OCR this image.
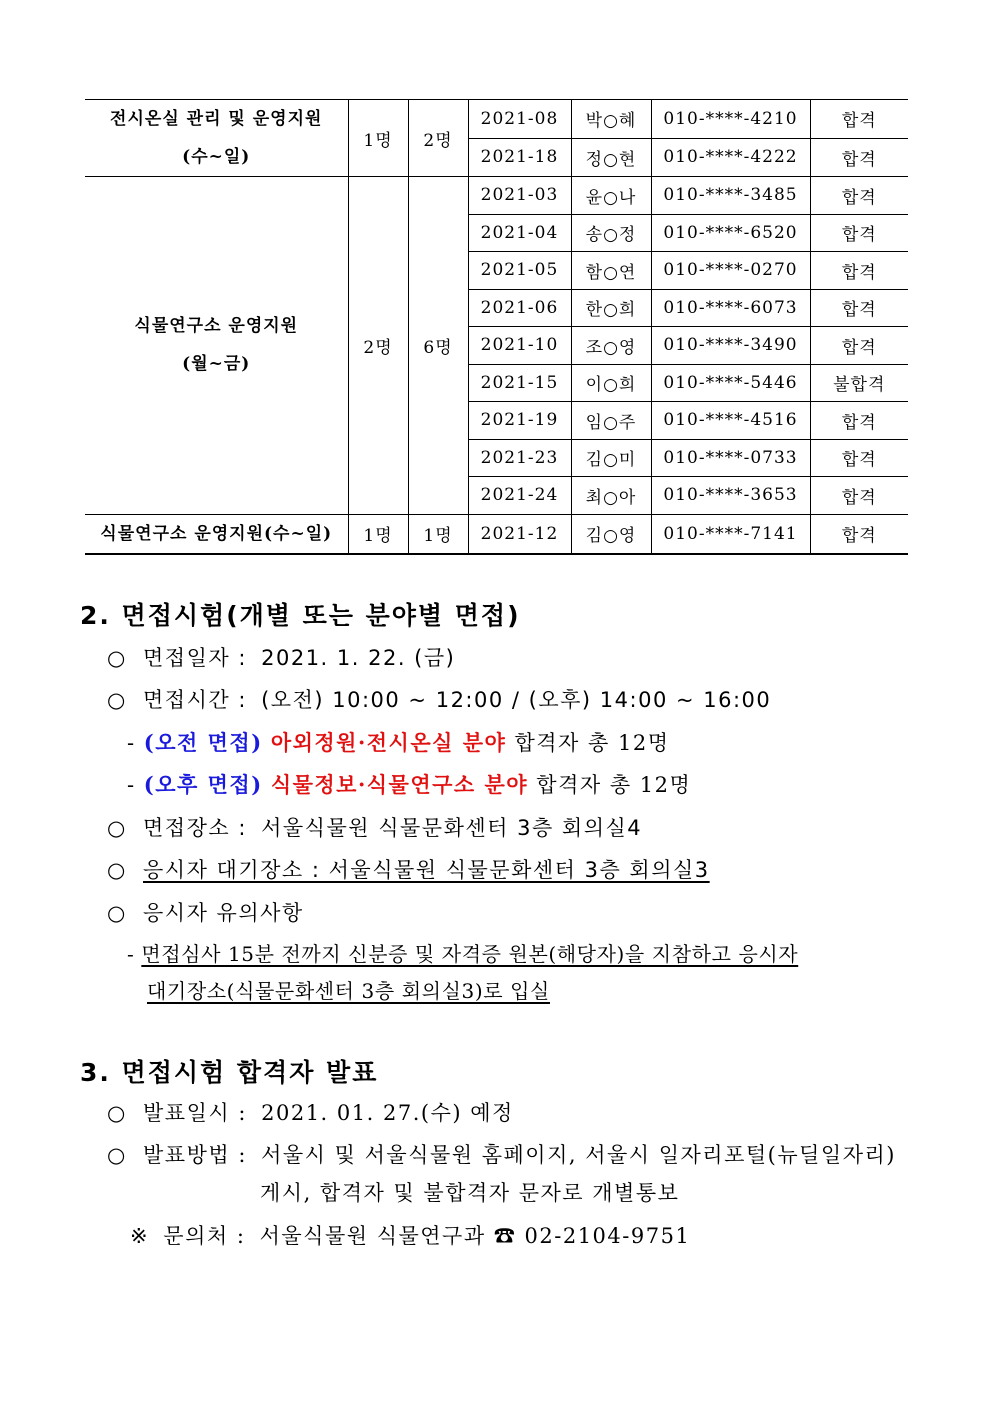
전시온실 관리 및 운영지원
(수~일)	1명	2명	2021-08	박○혜	010-****-4210	합격
			2021-18	정○현	010-****-4222	합격

식물연구소 운영지원
(월~금)	2명	6명	2021-03	윤○나	010-****-3485	합격
			2021-04	송○정	010-****-6520	합격
			2021-05	함○연	010-****-0270	합격
			2021-06	한○희	010-****-6073	합격
			2021-10	조○영	010-****-3490	합격
			2021-15	이○희	010-****-5446	불합격
			2021-19	임○주	010-****-4516	합격
			2021-23	김○미	010-****-0733	합격
			2021-24	최○아	010-****-3653	합격
식물연구소 운영지원(수~일)	1명	1명	2021-12	김○영	010-****-7141	합격
2. 면접시험(개별 또는 분야별 면접)
○ 면접일자 : 2021. 1. 22. (금)
○ 면접시간 : (오전) 10:00 ~ 12:00 / (오후) 14:00 ~ 16:00
- (오전 면접) 아외정원·전시온실 분야 합격자 총 12명
- (오후 면접) 식물정보·식물연구소 분야 합격자 총 12명
○ 면접장소 : 서울식물원 식물문화센터 3층 회의실4
○ 응시자 대기장소 : 서울식물원 식물문화센터 3층 회의실3
○ 응시자 유의사항
- 면접심사 15분 전까지 신분증 및 자격증 원본(해당자)을 지참하고 응시자
대기장소(식물문화센터 3층 회의실3)로 입실
3. 면접시험 합격자 발표
○ 발표일시 : 2021. 01. 27.(수) 예정
○ 발표방법 : 서울시 및 서울식물원 홈페이지, 서울시 일자리포털(뉴딜일자리)
게시, 합격자 및 불합격자 문자로 개별통보
※ 문의처 : 서울식물원 식물연구과 ☎ 02-2104-9751
